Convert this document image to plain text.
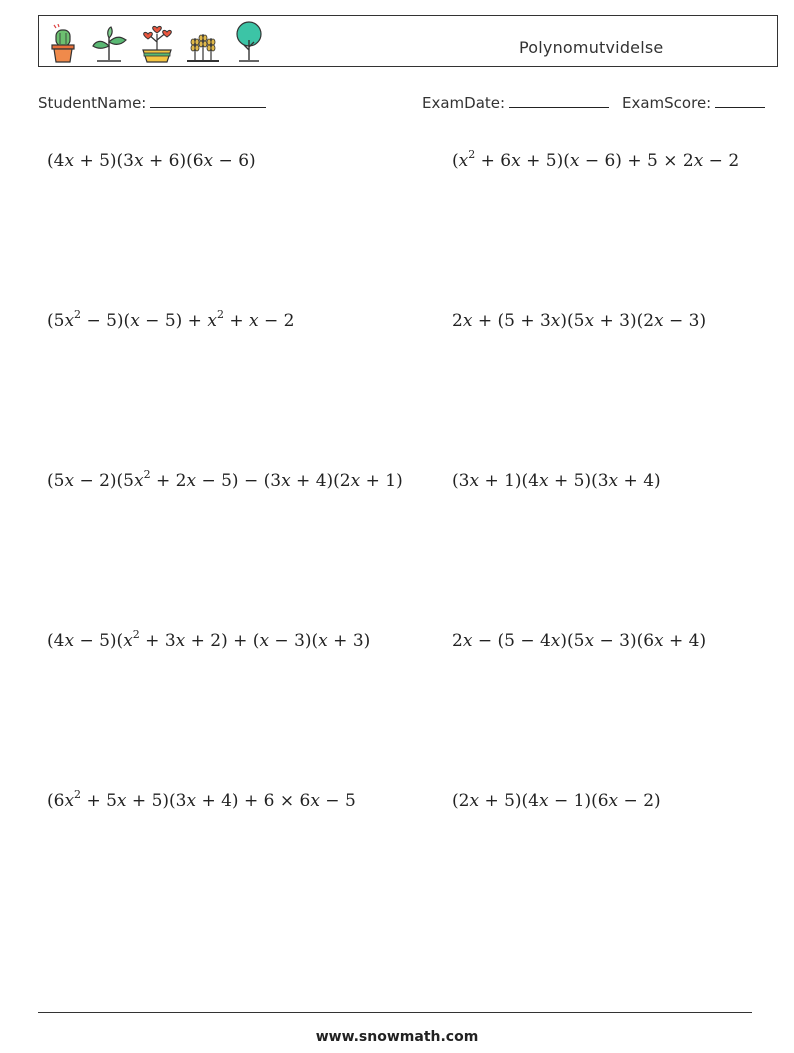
Polynomutvidelse
StudentName:	ExamDate:	ExamScore:
(4x + 5)(3x + 6)(6x − 6)	$(x^2 + 6x + 5)(x - 6) + 5 \times 2x - 2$
$(5x^2 - 5)(x - 5) + x^2 + x - 2$	2x + (5 + 3x)(5x + 3)(2x − 3)
$(5x - 2)(5x^2 + 2x - 5) - (3x + 4)(2x + 1)$	(3x + 1)(4x + 5)(3x + 4)
$(4x - 5)(x^2 + 3x + 2) + (x - 3)(x + 3)$	2x − (5 − 4x)(5x − 3)(6x + 4)
$(6x^2 + 5x + 5)(3x + 4) + 6 \times 6x - 5$	(2x + 5)(4x − 1)(6x − 2)
www.snowmath.com
